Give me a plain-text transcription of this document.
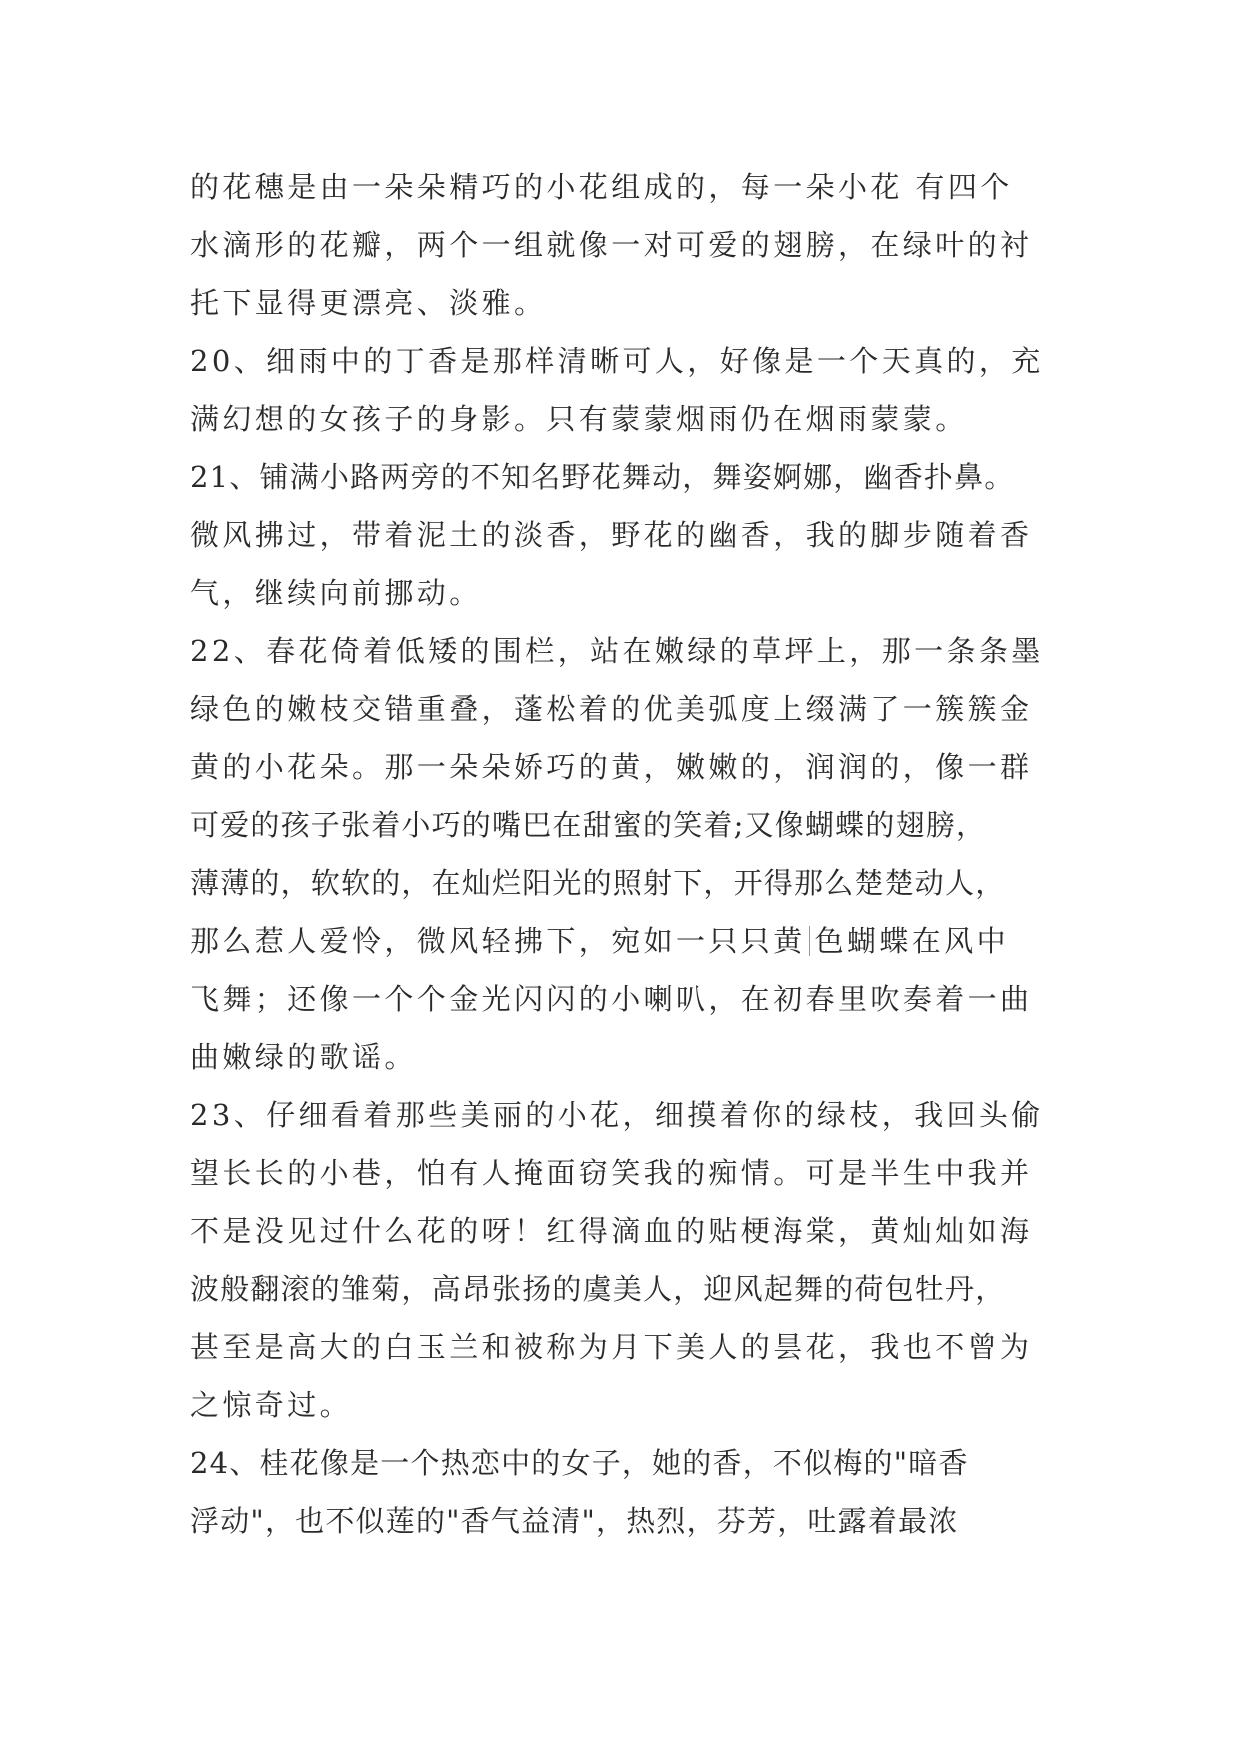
的花穗是由一朵朵精巧的小花组成的，每一朵小花 有四个
水滴形的花瓣，两个一组就像一对可爱的翅膀，在绿叶的衬
托下显得更漂亮、淡雅。
20、细雨中的丁香是那样清晰可人，好像是一个天真的，充
满幻想的女孩子的身影。只有蒙蒙烟雨仍在烟雨蒙蒙。
21、铺满小路两旁的不知名野花舞动，舞姿婀娜，幽香扑鼻。
微风拂过，带着泥土的淡香，野花的幽香，我的脚步随着香
气，继续向前挪动。
22、春花倚着低矮的围栏，站在嫩绿的草坪上，那一条条墨
绿色的嫩枝交错重叠，蓬松着的优美弧度上缀满了一簇簇金
黄的小花朵。那一朵朵娇巧的黄，嫩嫩的，润润的，像一群
可爱的孩子张着小巧的嘴巴在甜蜜的笑着;又像蝴蝶的翅膀，
薄薄的，软软的，在灿烂阳光的照射下，开得那么楚楚动人，
那么惹人爱怜，微风轻拂下，宛如一只只黄 色蝴蝶在风中
飞舞；还像一个个金光闪闪的小喇叭，在初春里吹奏着一曲
曲嫩绿的歌谣。
23、仔细看着那些美丽的小花，细摸着你的绿枝，我回头偷
望长长的小巷，怕有人掩面窃笑我的痴情。可是半生中我并
不是没见过什么花的呀！红得滴血的贴梗海棠，黄灿灿如海
波般翻滚的雏菊，高昂张扬的虞美人，迎风起舞的荷包牡丹，
甚至是高大的白玉兰和被称为月下美人的昙花，我也不曾为
之惊奇过。
24、桂花像是一个热恋中的女子，她的香，不似梅的"暗香
浮动"，也不似莲的"香气益清"，热烈，芬芳，吐露着最浓
